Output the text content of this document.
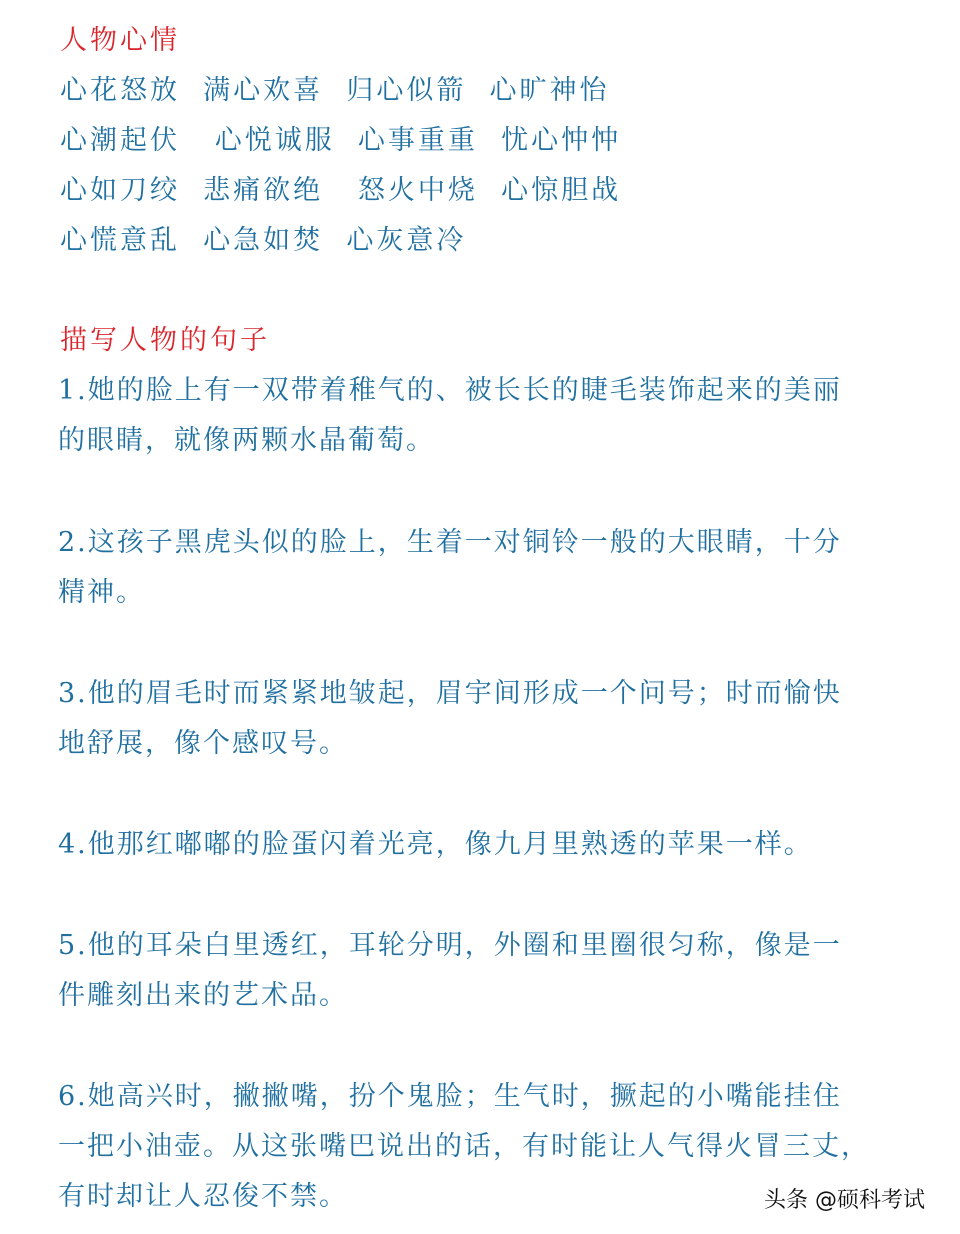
人物心情
心花怒放  满心欢喜  归心似箭  心旷神怡
心潮起伏   心悦诚服  心事重重  忧心忡忡
心如刀绞  悲痛欲绝   怒火中烧  心惊胆战
心慌意乱  心急如焚  心灰意冷
描写人物的句子
1.她的脸上有一双带着稚气的、被长长的睫毛装饰起来的美丽
的眼睛，就像两颗水晶葡萄。
2.这孩子黑虎头似的脸上，生着一对铜铃一般的大眼睛，十分
精神。
3.他的眉毛时而紧紧地皱起，眉宇间形成一个问号；时而愉快
地舒展，像个感叹号。
4.他那红嘟嘟的脸蛋闪着光亮，像九月里熟透的苹果一样。
5.他的耳朵白里透红，耳轮分明，外圈和里圈很匀称，像是一
件雕刻出来的艺术品。
6.她高兴时，撇撇嘴，扮个鬼脸；生气时，撅起的小嘴能挂住
一把小油壶。从这张嘴巴说出的话，有时能让人气得火冒三丈，
有时却让人忍俊不禁。	头条 @硕科考试
